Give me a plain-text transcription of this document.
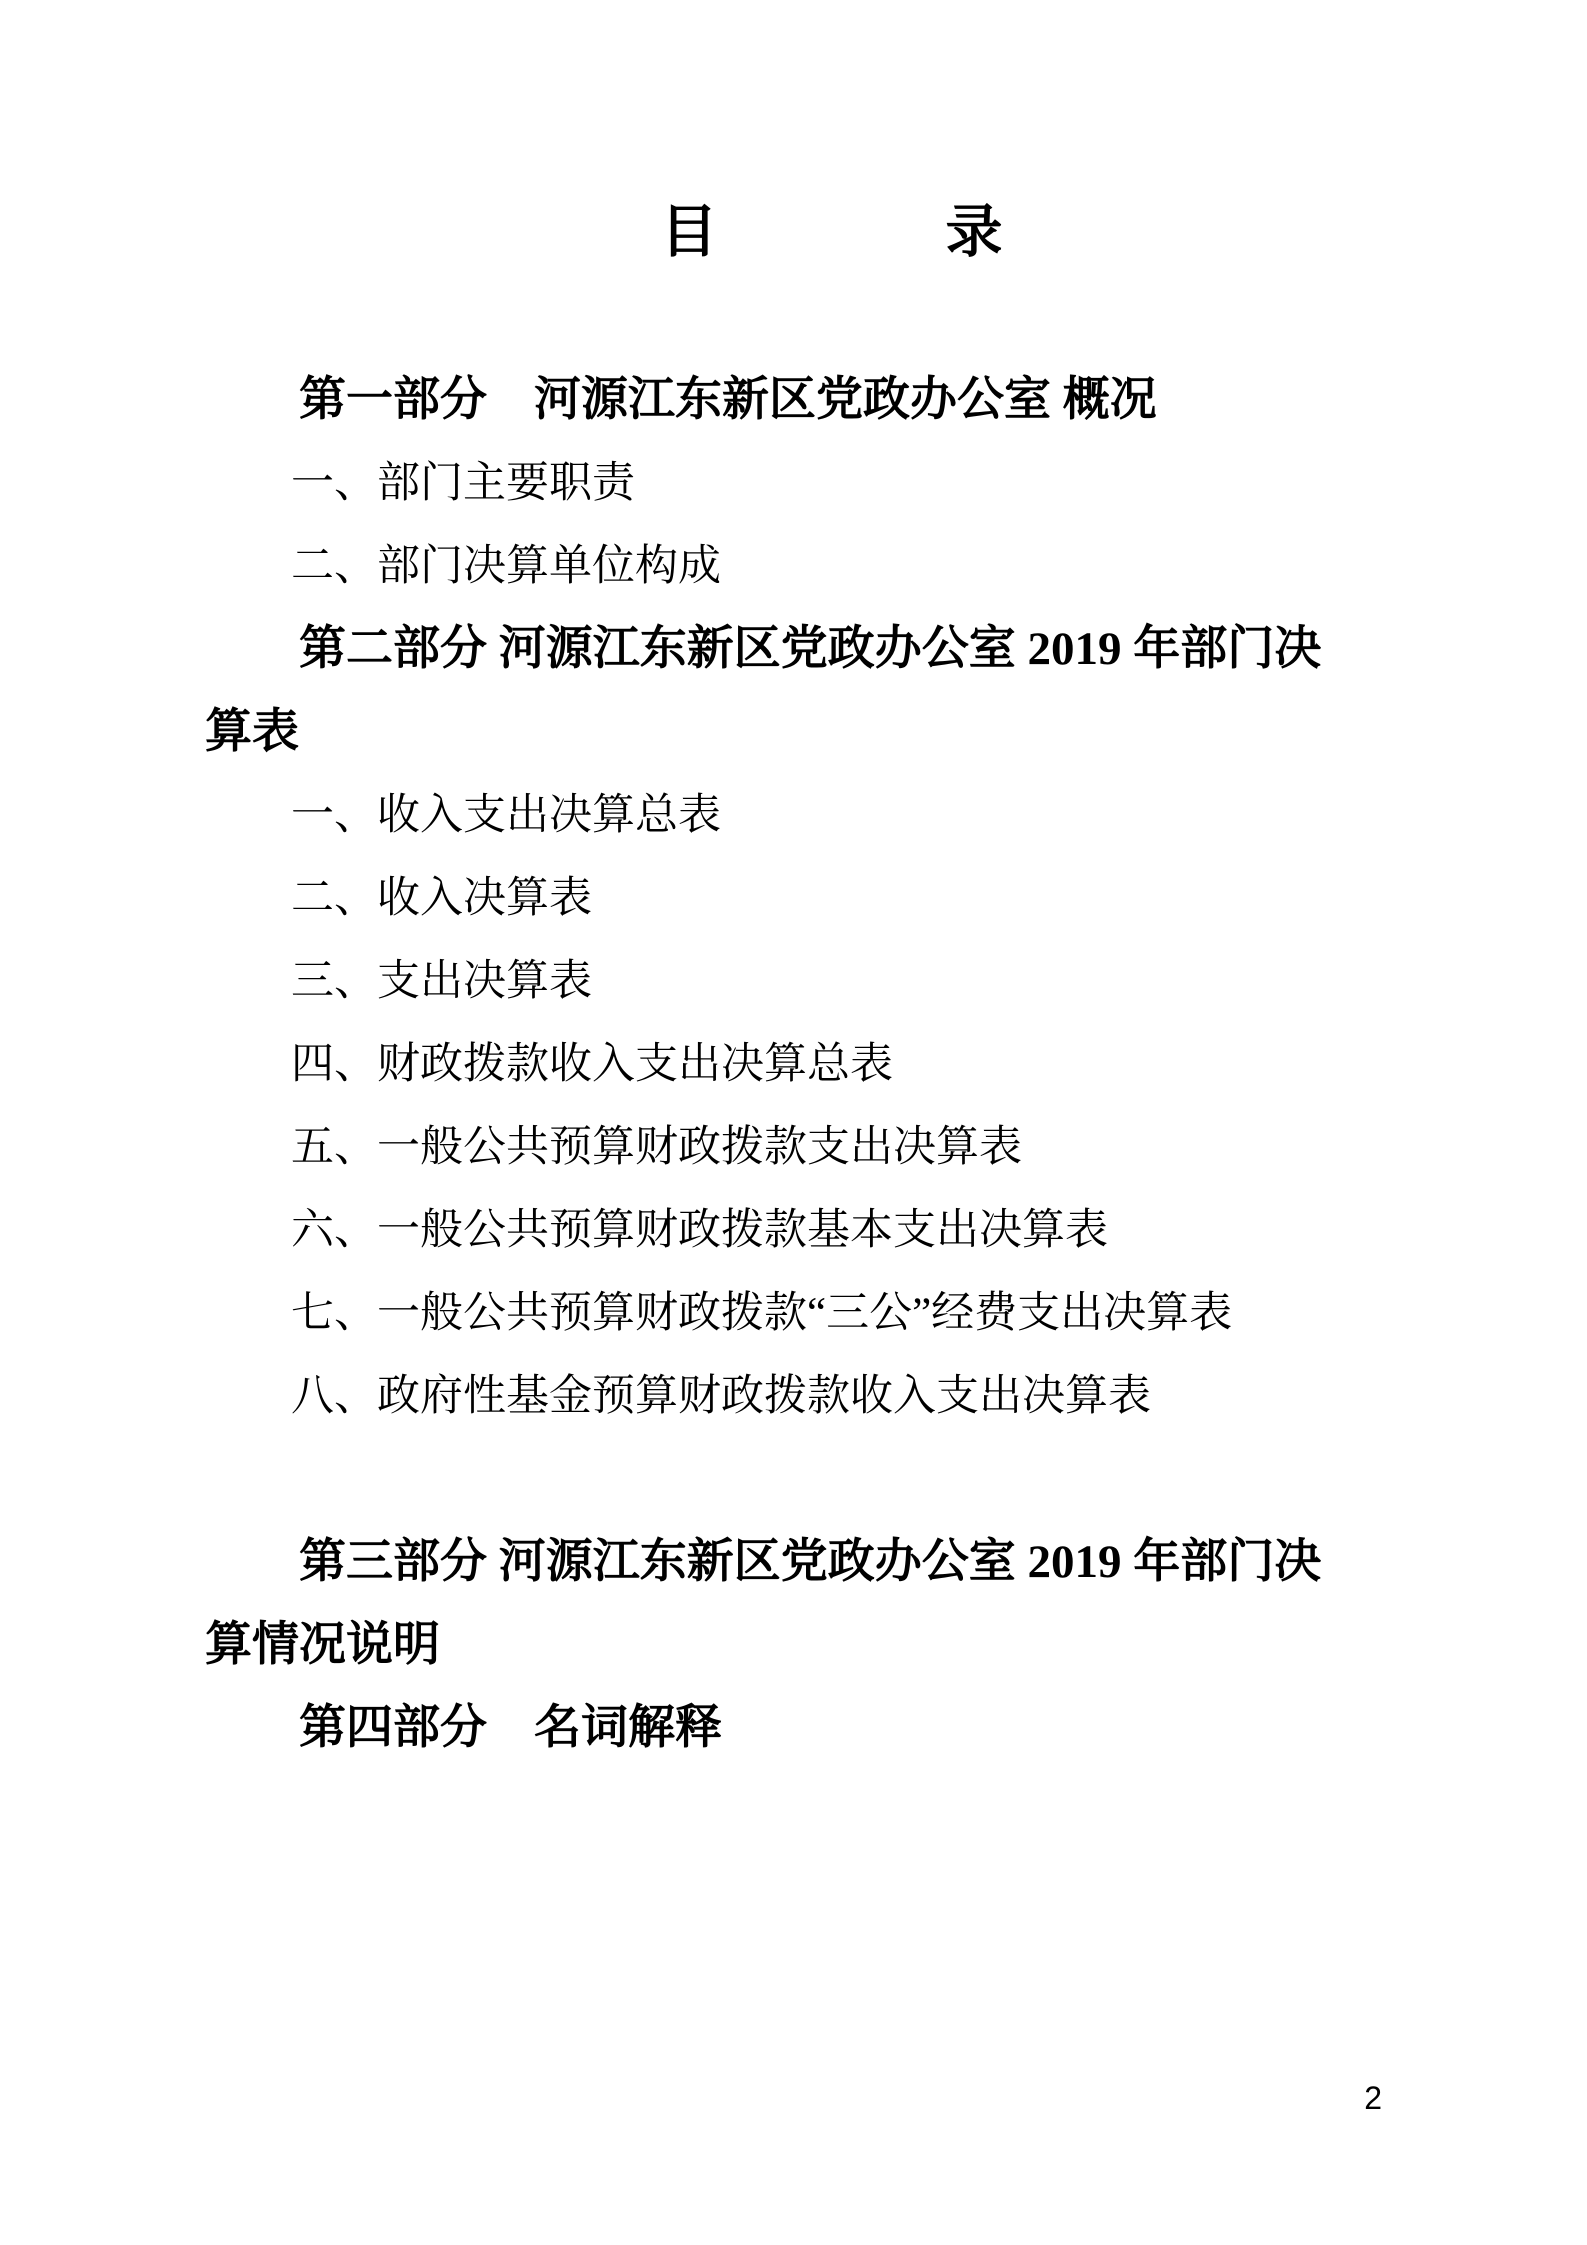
目　　　　录

第一部分　河源江东新区党政办公室 概况

一、部门主要职责

二、部门决算单位构成

第二部分 河源江东新区党政办公室 2019 年部门决

算表

一、收入支出决算总表

二、收入决算表

三、支出决算表

四、财政拨款收入支出决算总表

五、一般公共预算财政拨款支出决算表

六、一般公共预算财政拨款基本支出决算表

七、一般公共预算财政拨款“三公”经费支出决算表

八、政府性基金预算财政拨款收入支出决算表

第三部分 河源江东新区党政办公室 2019 年部门决

算情况说明

第四部分　名词解释

2
